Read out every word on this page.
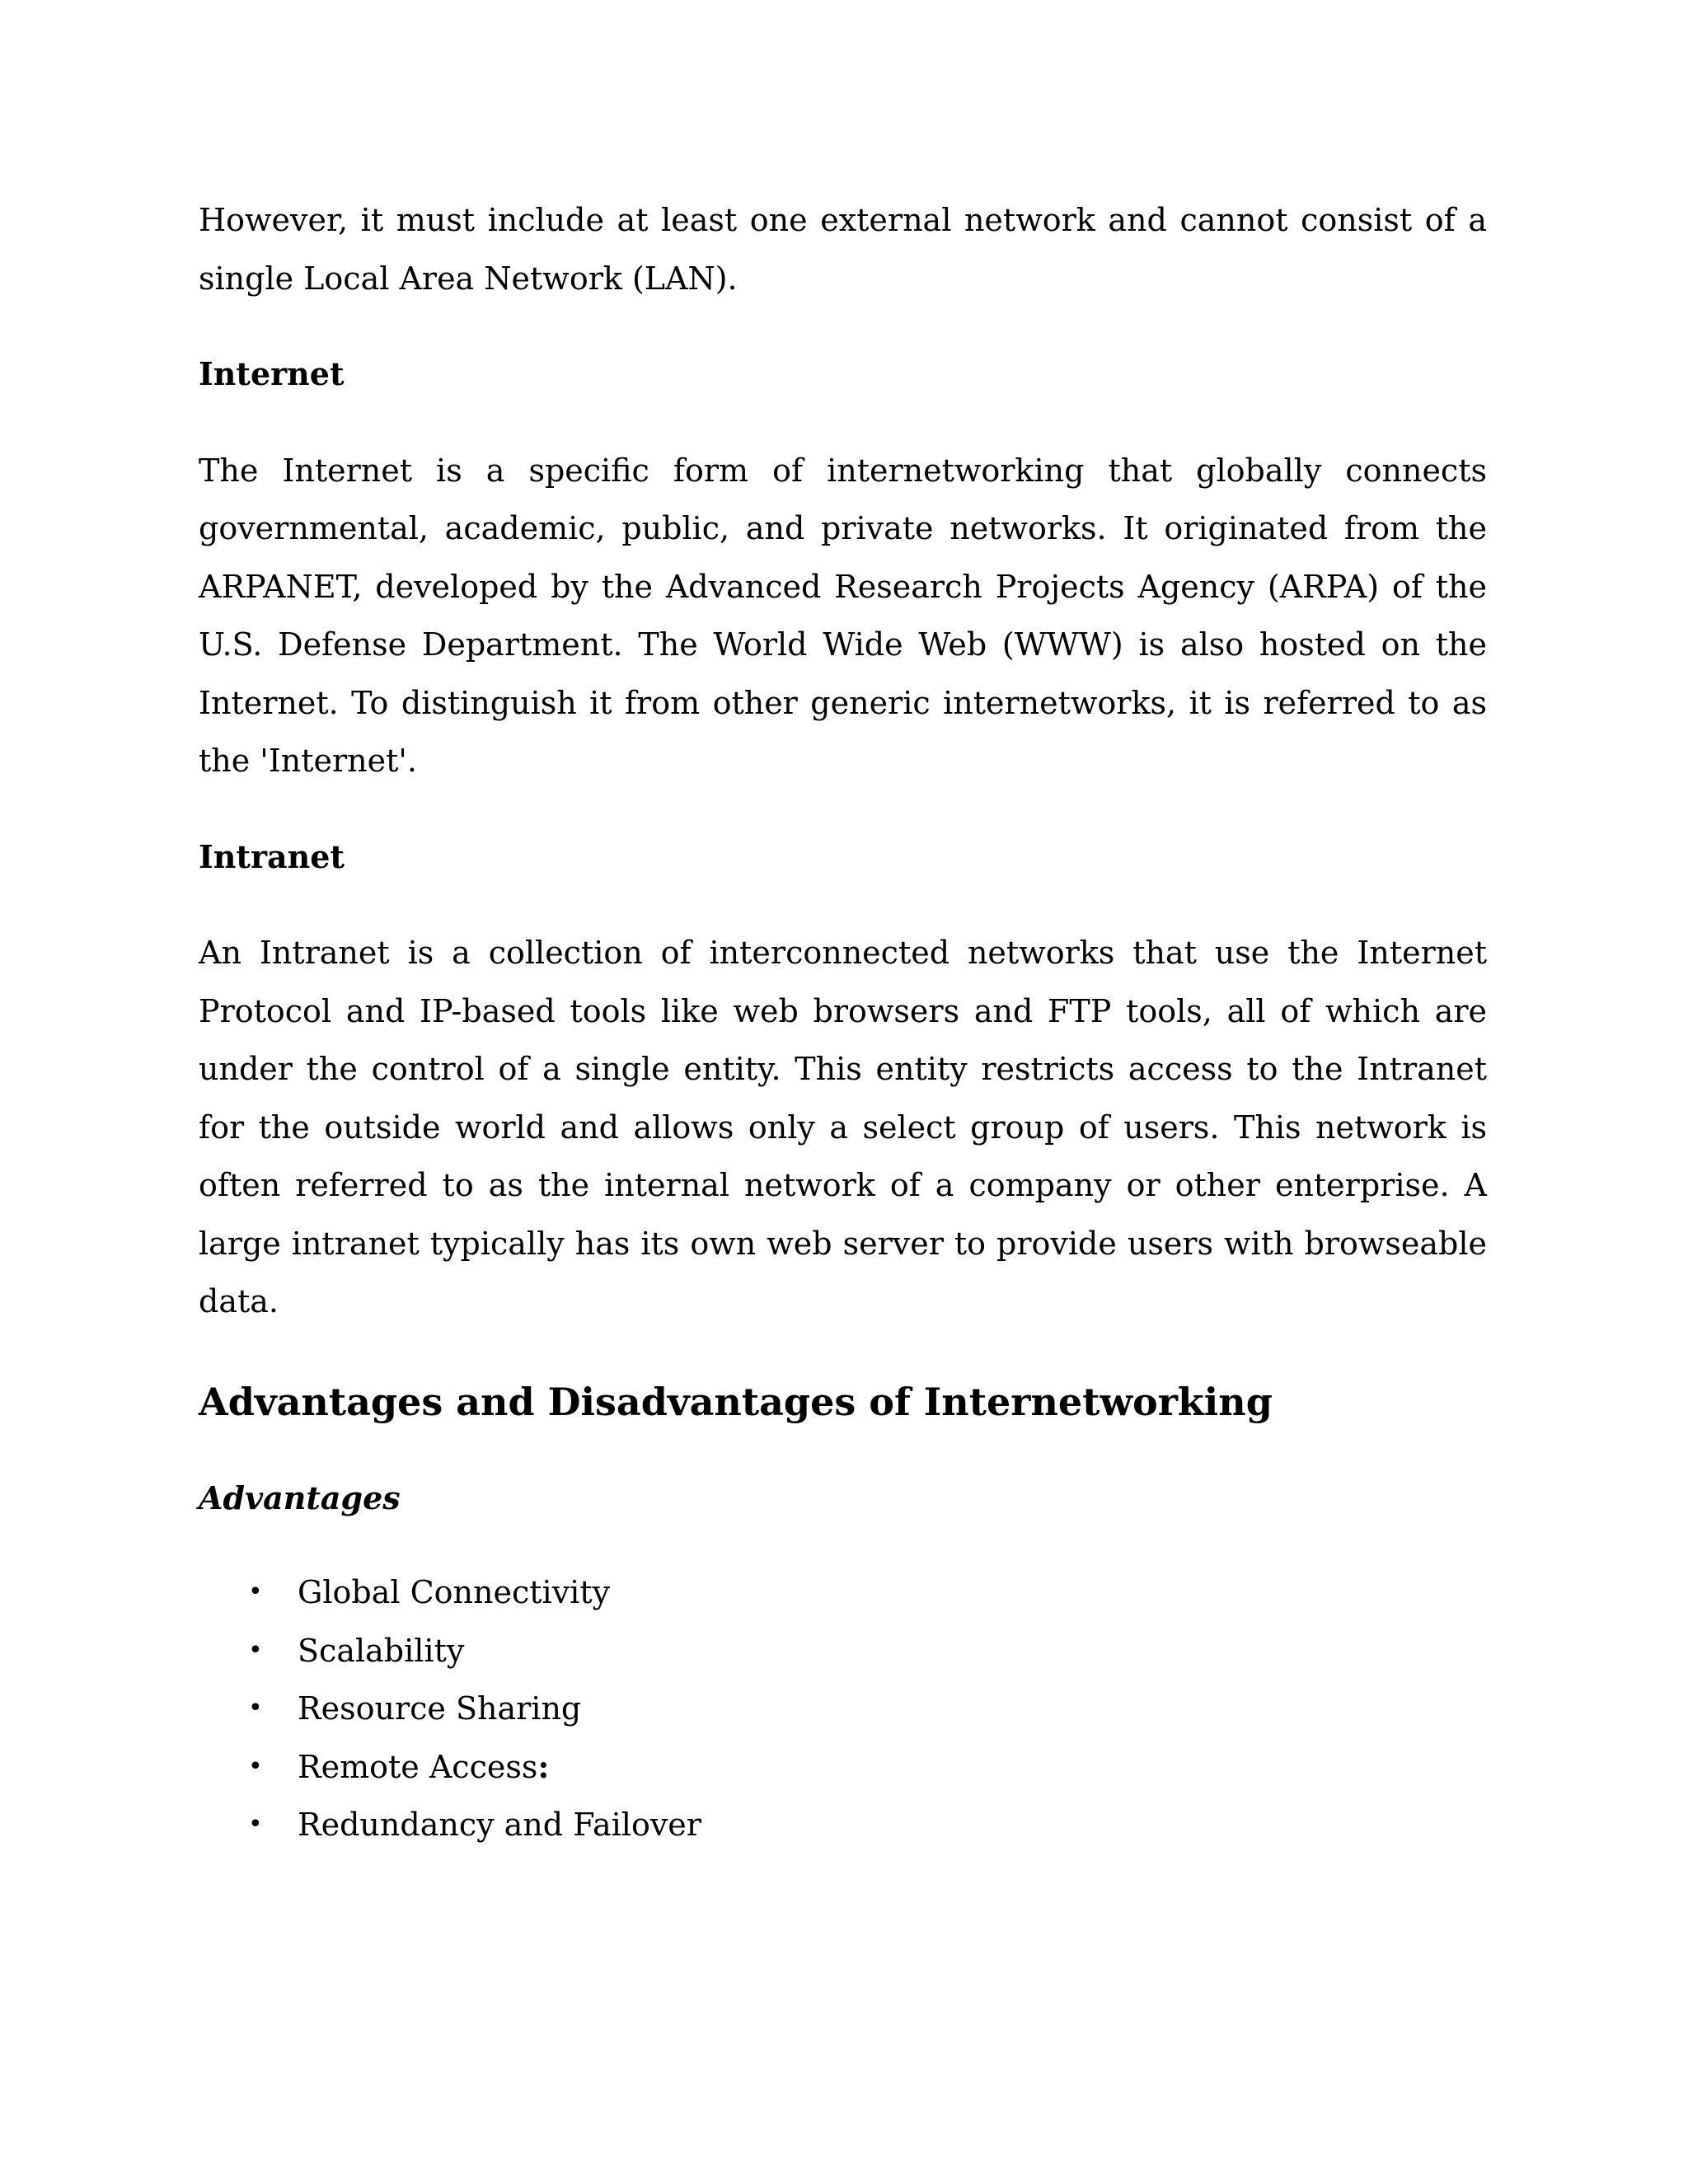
However, it must include at least one external network and cannot consist of a single Local Area Network (LAN).

Internet

The Internet is a specific form of internetworking that globally connects governmental, academic, public, and private networks. It originated from the ARPANET, developed by the Advanced Research Projects Agency (ARPA) of the U.S. Defense Department. The World Wide Web (WWW) is also hosted on the Internet. To distinguish it from other generic internetworks, it is referred to as the 'Internet'.

Intranet

An Intranet is a collection of interconnected networks that use the Internet Protocol and IP-based tools like web browsers and FTP tools, all of which are under the control of a single entity. This entity restricts access to the Intranet for the outside world and allows only a select group of users. This network is often referred to as the internal network of a company or other enterprise. A large intranet typically has its own web server to provide users with browseable data.

Advantages and Disadvantages of Internetworking
Advantages
• Global Connectivity
• Scalability
• Resource Sharing
• Remote Access:
• Redundancy and Failover
